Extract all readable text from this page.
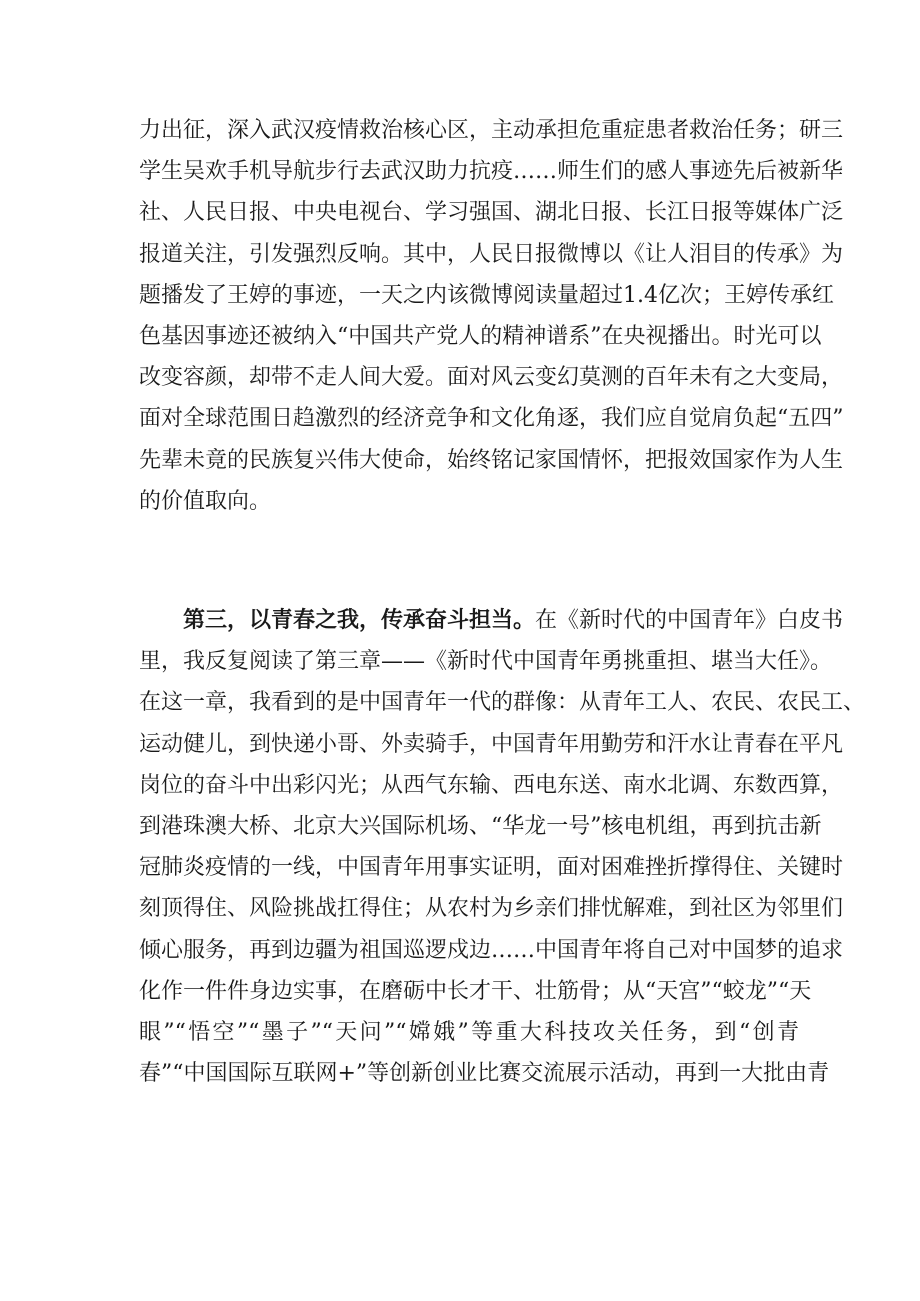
力出征，深入武汉疫情救治核心区，主动承担危重症患者救治任务；研三
学生吴欢手机导航步行去武汉助力抗疫……师生们的感人事迹先后被新华
社、人民日报、中央电视台、学习强国、湖北日报、长江日报等媒体广泛
报道关注，引发强烈反响。其中，人民日报微博以《让人泪目的传承》为
题播发了王婷的事迹，一天之内该微博阅读量超过1.4亿次；王婷传承红
色基因事迹还被纳入“中国共产党人的精神谱系”在央视播出。时光可以
改变容颜，却带不走人间大爱。面对风云变幻莫测的百年未有之大变局，
面对全球范围日趋激烈的经济竞争和文化角逐，我们应自觉肩负起“五四”
先辈未竟的民族复兴伟大使命，始终铭记家国情怀，把报效国家作为人生
的价值取向。
第三，以青春之我，传承奋斗担当。在《新时代的中国青年》白皮书
里，我反复阅读了第三章——《新时代中国青年勇挑重担、堪当大任》。
在这一章，我看到的是中国青年一代的群像：从青年工人、农民、农民工、
运动健儿，到快递小哥、外卖骑手，中国青年用勤劳和汗水让青春在平凡
岗位的奋斗中出彩闪光；从西气东输、西电东送、南水北调、东数西算，
到港珠澳大桥、北京大兴国际机场、“华龙一号”核电机组，再到抗击新
冠肺炎疫情的一线，中国青年用事实证明，面对困难挫折撑得住、关键时
刻顶得住、风险挑战扛得住；从农村为乡亲们排忧解难，到社区为邻里们
倾心服务，再到边疆为祖国巡逻戍边……中国青年将自己对中国梦的追求
化作一件件身边实事，在磨砺中长才干、壮筋骨；从“天宫”“蛟龙”“天
眼”“悟空”“墨子”“天问”“嫦娥”等重大科技攻关任务，到“创青
春”“中国国际互联网+”等创新创业比赛交流展示活动，再到一大批由青
